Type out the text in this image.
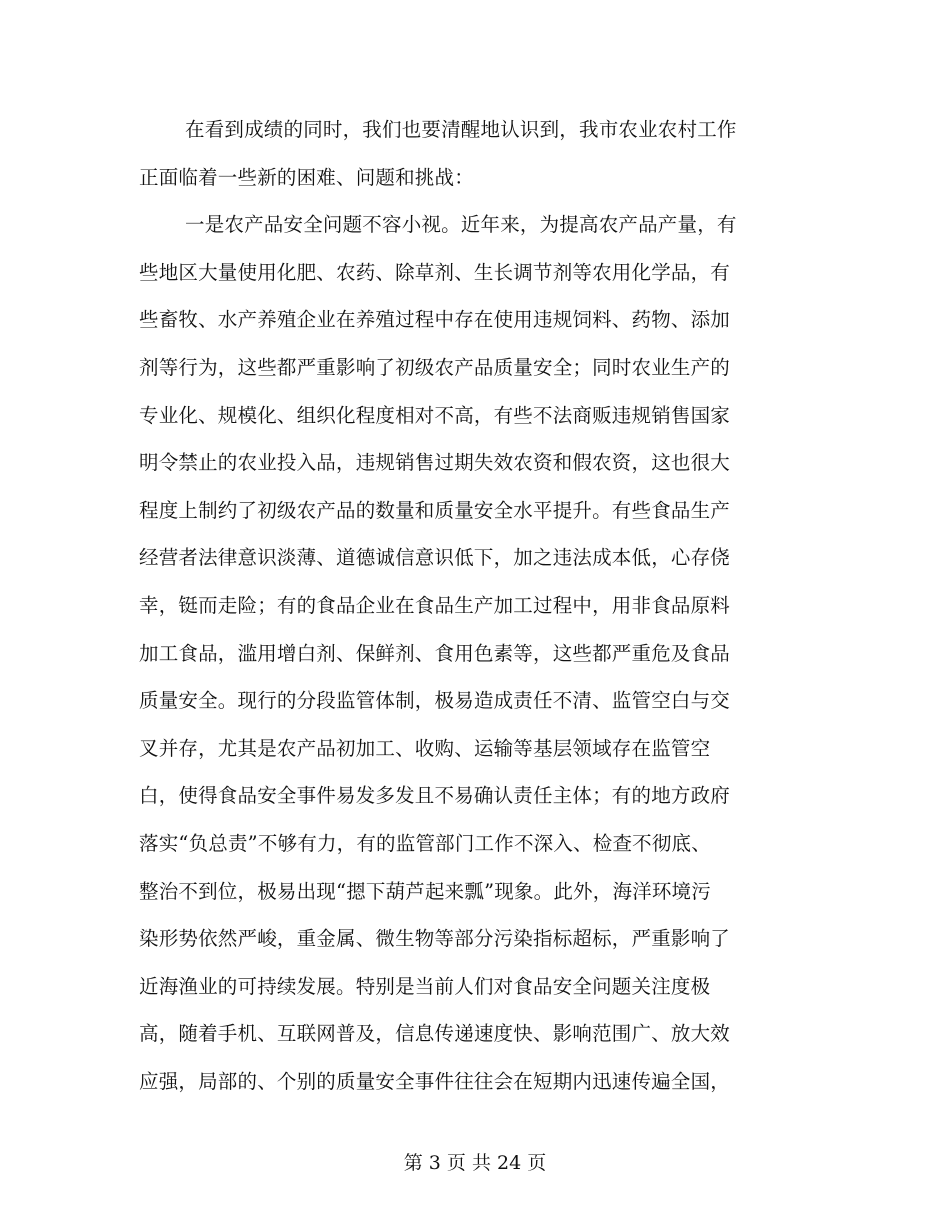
在看到成绩的同时，我们也要清醒地认识到，我市农业农村工作
正面临着一些新的困难、问题和挑战：
一是农产品安全问题不容小视。近年来，为提高农产品产量，有
些地区大量使用化肥、农药、除草剂、生长调节剂等农用化学品，有
些畜牧、水产养殖企业在养殖过程中存在使用违规饲料、药物、添加
剂等行为，这些都严重影响了初级农产品质量安全；同时农业生产的
专业化、规模化、组织化程度相对不高，有些不法商贩违规销售国家
明令禁止的农业投入品，违规销售过期失效农资和假农资，这也很大
程度上制约了初级农产品的数量和质量安全水平提升。有些食品生产
经营者法律意识淡薄、道德诚信意识低下，加之违法成本低，心存侥
幸，铤而走险；有的食品企业在食品生产加工过程中，用非食品原料
加工食品，滥用增白剂、保鲜剂、食用色素等，这些都严重危及食品
质量安全。现行的分段监管体制，极易造成责任不清、监管空白与交
叉并存，尤其是农产品初加工、收购、运输等基层领域存在监管空
白，使得食品安全事件易发多发且不易确认责任主体；有的地方政府
落实“负总责”不够有力，有的监管部门工作不深入、检查不彻底、
整治不到位，极易出现“摁下葫芦起来瓢”现象。此外，海洋环境污
染形势依然严峻，重金属、微生物等部分污染指标超标，严重影响了
近海渔业的可持续发展。特别是当前人们对食品安全问题关注度极
高，随着手机、互联网普及，信息传递速度快、影响范围广、放大效
应强，局部的、个别的质量安全事件往往会在短期内迅速传遍全国，
第 3 页 共 24 页
